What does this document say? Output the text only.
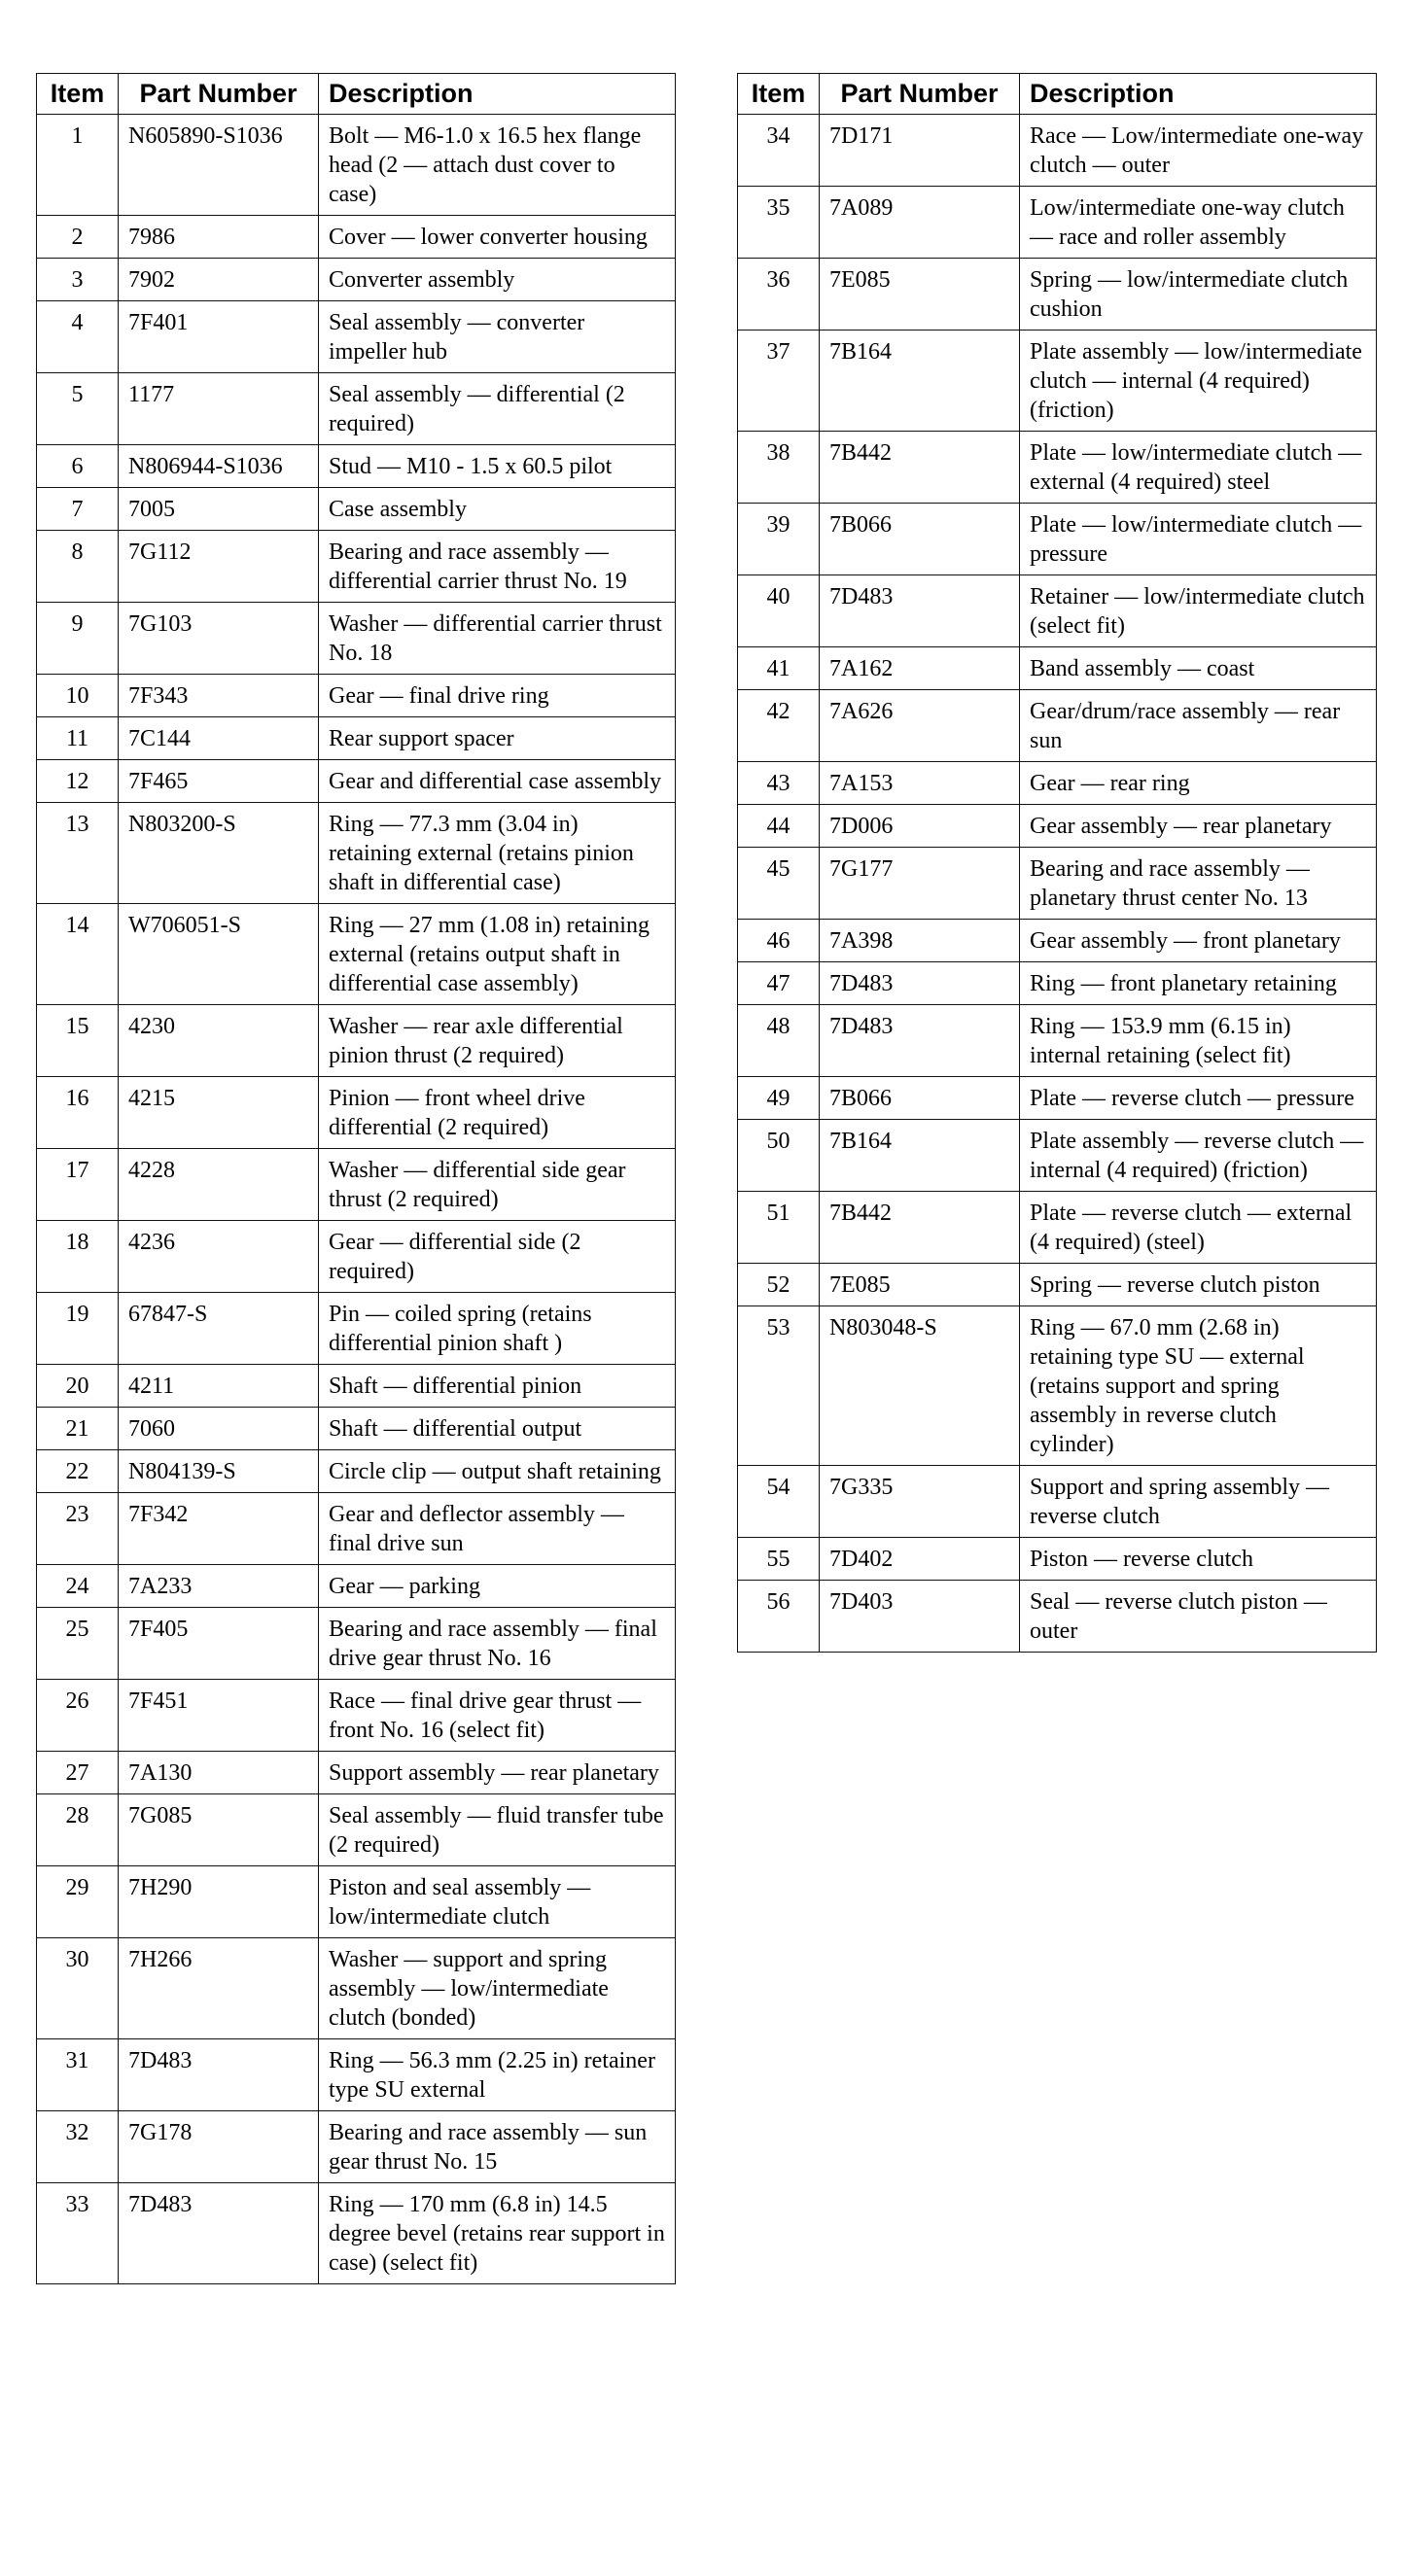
Item	Part Number	Description
1	N605890-S1036	Bolt — M6-1.0 x 16.5 hex flange head (2 — attach dust cover to case)
2	7986	Cover — lower converter housing
3	7902	Converter assembly
4	7F401	Seal assembly — converter impeller hub
5	1177	Seal assembly — differential (2 required)
6	N806944-S1036	Stud — M10 - 1.5 x 60.5 pilot
7	7005	Case assembly
8	7G112	Bearing and race assembly — differential carrier thrust No. 19
9	7G103	Washer — differential carrier thrust No. 18
10	7F343	Gear — final drive ring
11	7C144	Rear support spacer
12	7F465	Gear and differential case assembly
13	N803200-S	Ring — 77.3 mm (3.04 in) retaining external (retains pinion shaft in differential case)
14	W706051-S	Ring — 27 mm (1.08 in) retaining external (retains output shaft in differential case assembly)
15	4230	Washer — rear axle differential pinion thrust (2 required)
16	4215	Pinion — front wheel drive differential (2 required)
17	4228	Washer — differential side gear thrust (2 required)
18	4236	Gear — differential side (2 required)
19	67847-S	Pin — coiled spring (retains differential pinion shaft )
20	4211	Shaft — differential pinion
21	7060	Shaft — differential output
22	N804139-S	Circle clip — output shaft retaining
23	7F342	Gear and deflector assembly — final drive sun
24	7A233	Gear — parking
25	7F405	Bearing and race assembly — final drive gear thrust No. 16
26	7F451	Race — final drive gear thrust — front No. 16 (select fit)
27	7A130	Support assembly — rear planetary
28	7G085	Seal assembly — fluid transfer tube (2 required)
29	7H290	Piston and seal assembly — low/intermediate clutch
30	7H266	Washer — support and spring assembly — low/intermediate clutch (bonded)
31	7D483	Ring — 56.3 mm (2.25 in) retainer type SU external
32	7G178	Bearing and race assembly — sun gear thrust No. 15
33	7D483	Ring — 170 mm (6.8 in) 14.5 degree bevel (retains rear support in case) (select fit)
Item	Part Number	Description
34	7D171	Race — Low/intermediate one-way clutch — outer
35	7A089	Low/intermediate one-way clutch — race and roller assembly
36	7E085	Spring — low/intermediate clutch cushion
37	7B164	Plate assembly — low/intermediate clutch — internal (4 required) (friction)
38	7B442	Plate — low/intermediate clutch — external (4 required) steel
39	7B066	Plate — low/intermediate clutch — pressure
40	7D483	Retainer — low/intermediate clutch (select fit)
41	7A162	Band assembly — coast
42	7A626	Gear/drum/race assembly — rear sun
43	7A153	Gear — rear ring
44	7D006	Gear assembly — rear planetary
45	7G177	Bearing and race assembly — planetary thrust center No. 13
46	7A398	Gear assembly — front planetary
47	7D483	Ring — front planetary retaining
48	7D483	Ring — 153.9 mm (6.15 in) internal retaining (select fit)
49	7B066	Plate — reverse clutch — pressure
50	7B164	Plate assembly — reverse clutch — internal (4 required) (friction)
51	7B442	Plate — reverse clutch — external (4 required) (steel)
52	7E085	Spring — reverse clutch piston
53	N803048-S	Ring — 67.0 mm (2.68 in) retaining type SU — external (retains support and spring assembly in reverse clutch cylinder)
54	7G335	Support and spring assembly — reverse clutch
55	7D402	Piston — reverse clutch
56	7D403	Seal — reverse clutch piston — outer
